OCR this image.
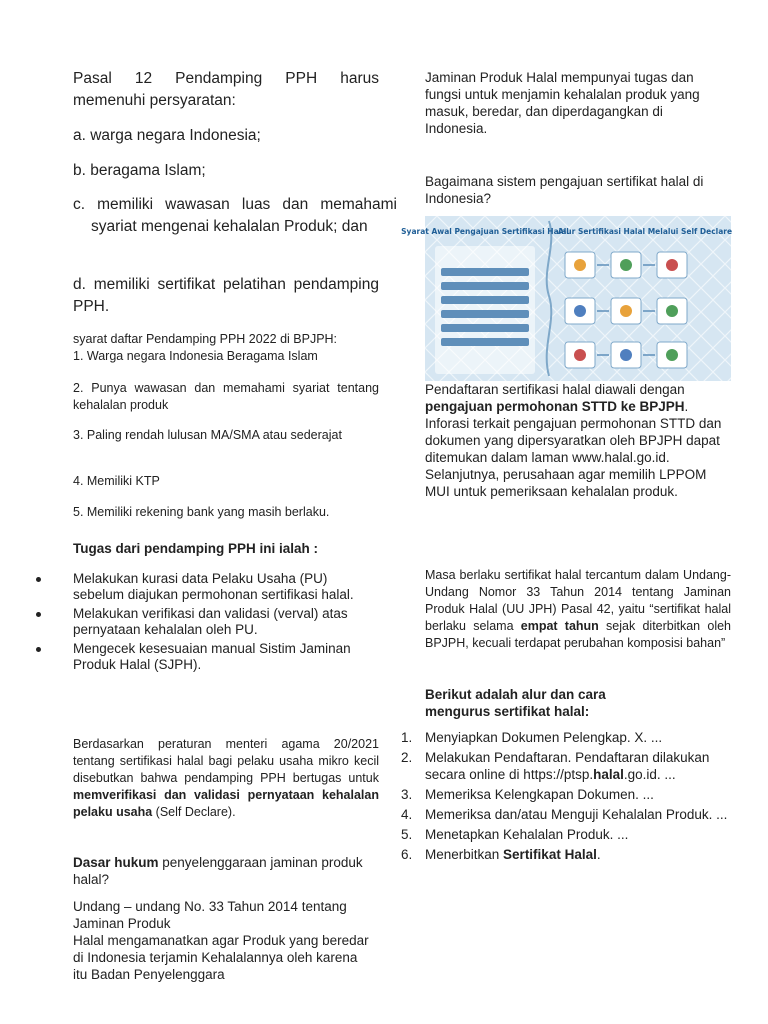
Pasal 12 Pendamping PPH harus memenuhi persyaratan:

a. warga negara Indonesia;

b. beragama Islam;

c. memiliki wawasan luas dan memahami syariat mengenai kehalalan Produk; dan

d. memiliki sertifikat pelatihan pendamping PPH.

syarat daftar Pendamping PPH 2022 di BPJPH:

1. Warga negara Indonesia Beragama Islam

2. Punya wawasan dan memahami syariat tentang kehalalan produk

3. Paling rendah lulusan MA/SMA atau sederajat

4. Memiliki KTP

5. Memiliki rekening bank yang masih berlaku.

Tugas dari pendamping PPH ini ialah :

Melakukan kurasi data Pelaku Usaha (PU) sebelum diajukan permohonan sertifikasi halal.
Melakukan verifikasi dan validasi (verval) atas pernyataan kehalalan oleh PU.
Mengecek kesesuaian manual Sistim Jaminan Produk Halal (SJPH).

Berdasarkan peraturan menteri agama 20/2021 tentang sertifikasi halal bagi pelaku usaha mikro kecil disebutkan bahwa pendamping PPH bertugas untuk memverifikasi dan validasi pernyataan kehalalan pelaku usaha (Self Declare).

Dasar hukum penyelenggaraan jaminan produk halal?

Undang – undang No. 33 Tahun 2014 tentang Jaminan Produk
Halal mengamanatkan agar Produk yang beredar di Indonesia terjamin Kehalalannya oleh karena itu Badan Penyelenggara

Jaminan Produk Halal mempunyai tugas dan fungsi untuk menjamin kehalalan produk yang masuk, beredar, dan diperdagangkan di Indonesia.

Bagaimana sistem pengajuan sertifikat halal di Indonesia?

Syarat Awal Pengajuan Sertifikasi Halal
Alur Sertifikasi Halal Melalui Self Declare

Pendaftaran sertifikasi halal diawali dengan pengajuan permohonan STTD ke BPJPH. Inforasi terkait pengajuan permohonan STTD dan dokumen yang dipersyaratkan oleh BPJPH dapat ditemukan dalam laman www.halal.go.id. Selanjutnya, perusahaan agar memilih LPPOM MUI untuk pemeriksaan kehalalan produk.

Masa berlaku sertifikat halal tercantum dalam Undang-Undang Nomor 33 Tahun 2014 tentang Jaminan Produk Halal (UU JPH) Pasal 42, yaitu “sertifikat halal berlaku selama empat tahun sejak diterbitkan oleh BPJPH, kecuali terdapat perubahan komposisi bahan”

Berikut adalah alur dan cara mengurus sertifikat halal:

1. Menyiapkan Dokumen Pelengkap. X. ...
2. Melakukan Pendaftaran. Pendaftaran dilakukan secara online di https://ptsp.halal.go.id. ...
3. Memeriksa Kelengkapan Dokumen. ...
4. Memeriksa dan/atau Menguji Kehalalan Produk. ...
5. Menetapkan Kehalalan Produk. ...
6. Menerbitkan Sertifikat Halal.
